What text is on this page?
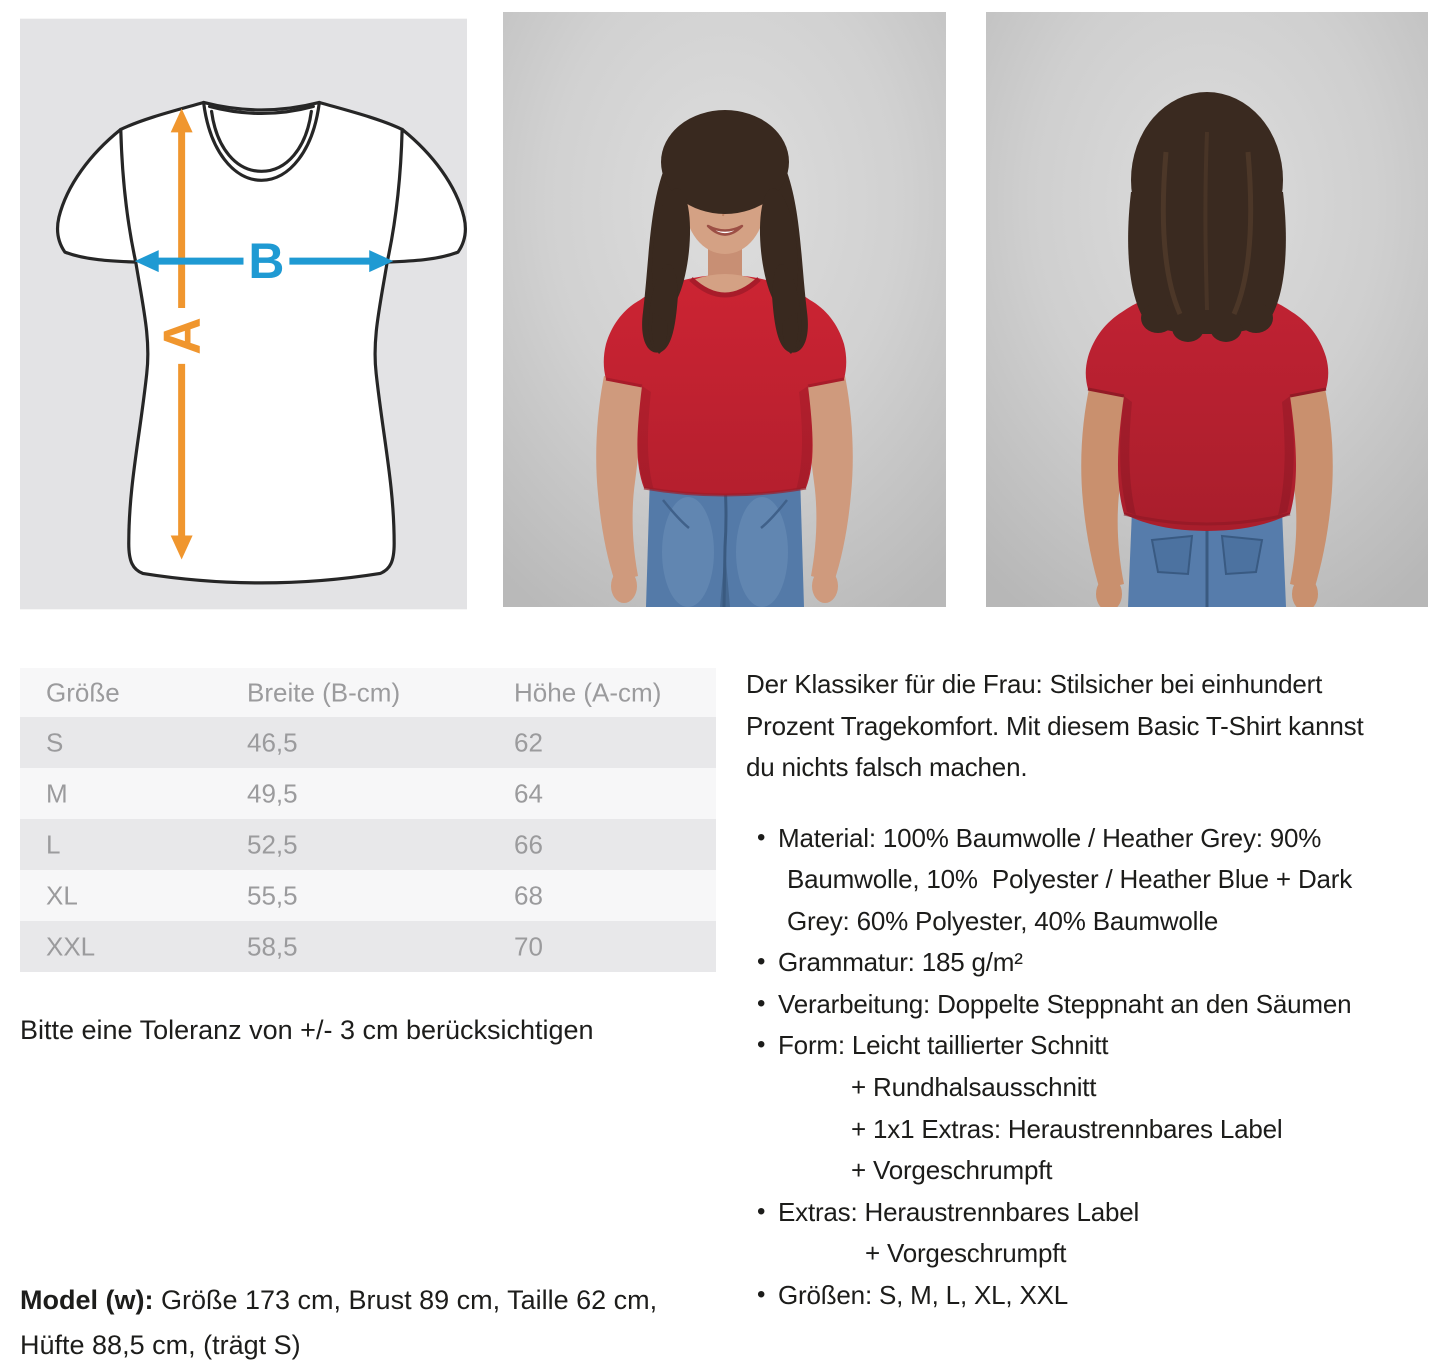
A
B
Größe	Breite (B-cm)	Höhe (A-cm)
S	46,5	62
M	49,5	64
L	52,5	66
XL	55,5	68
XXL	58,5	70
Bitte eine Toleranz von +/- 3 cm berücksichtigen
Model (w): Größe 173 cm, Brust 89 cm, Taille 62 cm,
Hüfte 88,5 cm, (trägt S)
Der Klassiker für die Frau: Stilsicher bei einhundert
Prozent Tragekomfort. Mit diesem Basic T-Shirt kannst
du nichts falsch machen.
• Material: 100% Baumwolle / Heather Grey: 90%
Baumwolle, 10%  Polyester / Heather Blue + Dark
Grey: 60% Polyester, 40% Baumwolle
• Grammatur: 185 g/m²
• Verarbeitung: Doppelte Steppnaht an den Säumen
• Form: Leicht taillierter Schnitt
+ Rundhalsausschnitt
+ 1x1 Extras: Heraustrennbares Label
+ Vorgeschrumpft
• Extras: Heraustrennbares Label
+ Vorgeschrumpft
• Größen: S, M, L, XL, XXL
